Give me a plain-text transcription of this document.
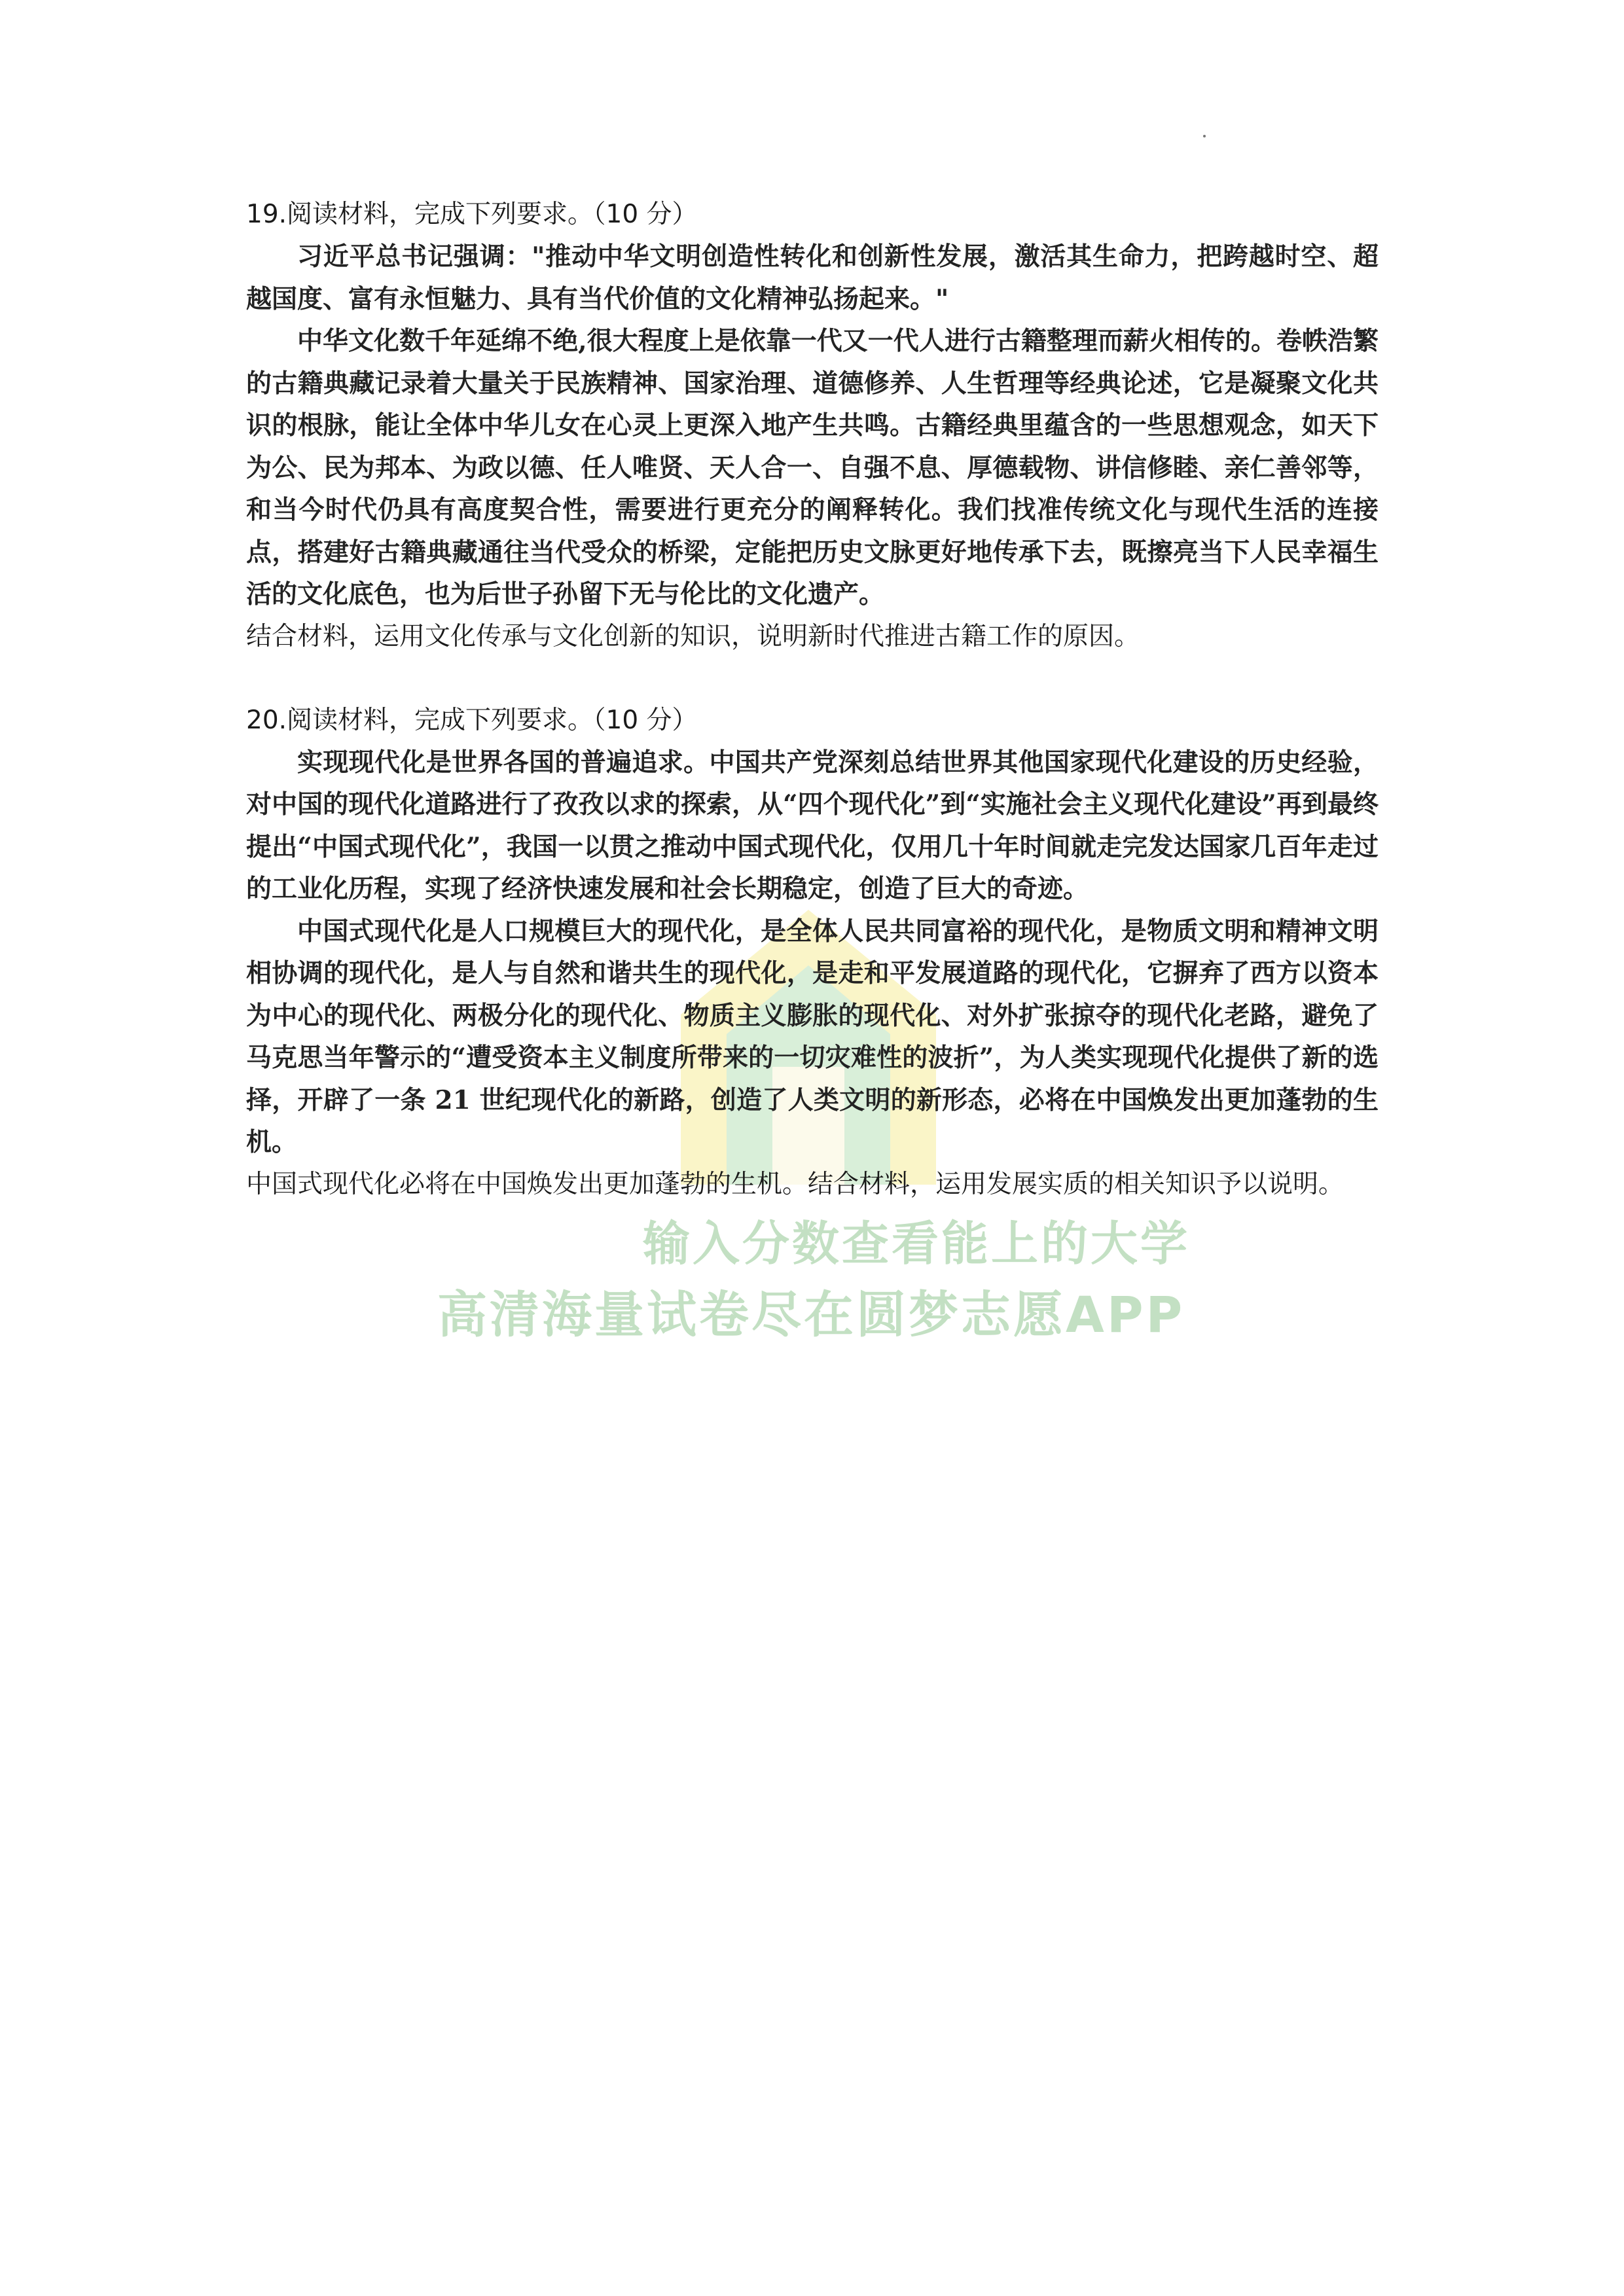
19.阅读材料，完成下列要求。（10 分）

习近平总书记强调："推动中华文明创造性转化和创新性发展，激活其生命力，把跨越时空、超越国度、富有永恒魅力、具有当代价值的文化精神弘扬起来。"

中华文化数千年延绵不绝,很大程度上是依靠一代又一代人进行古籍整理而薪火相传的。卷帙浩繁的古籍典藏记录着大量关于民族精神、国家治理、道德修养、人生哲理等经典论述，它是凝聚文化共识的根脉，能让全体中华儿女在心灵上更深入地产生共鸣。古籍经典里蕴含的一些思想观念，如天下为公、民为邦本、为政以德、任人唯贤、天人合一、自强不息、厚德载物、讲信修睦、亲仁善邻等，和当今时代仍具有高度契合性，需要进行更充分的阐释转化。我们找准传统文化与现代生活的连接点，搭建好古籍典藏通往当代受众的桥梁，定能把历史文脉更好地传承下去，既擦亮当下人民幸福生活的文化底色，也为后世子孙留下无与伦比的文化遗产。

结合材料，运用文化传承与文化创新的知识，说明新时代推进古籍工作的原因。

20.阅读材料，完成下列要求。（10 分）

实现现代化是世界各国的普遍追求。中国共产党深刻总结世界其他国家现代化建设的历史经验，对中国的现代化道路进行了孜孜以求的探索，从“四个现代化”到“实施社会主义现代化建设”再到最终提出“中国式现代化”，我国一以贯之推动中国式现代化，仅用几十年时间就走完发达国家几百年走过的工业化历程，实现了经济快速发展和社会长期稳定，创造了巨大的奇迹。

中国式现代化是人口规模巨大的现代化，是全体人民共同富裕的现代化，是物质文明和精神文明相协调的现代化，是人与自然和谐共生的现代化，是走和平发展道路的现代化，它摒弃了西方以资本为中心的现代化、两极分化的现代化、物质主义膨胀的现代化、对外扩张掠夺的现代化老路，避免了马克思当年警示的“遭受资本主义制度所带来的一切灾难性的波折”，为人类实现现代化提供了新的选择，开辟了一条 21 世纪现代化的新路，创造了人类文明的新形态，必将在中国焕发出更加蓬勃的生机。

中国式现代化必将在中国焕发出更加蓬勃的生机。结合材料，运用发展实质的相关知识予以说明。

输入分数查看能上的大学
高清海量试卷尽在圆梦志愿APP
